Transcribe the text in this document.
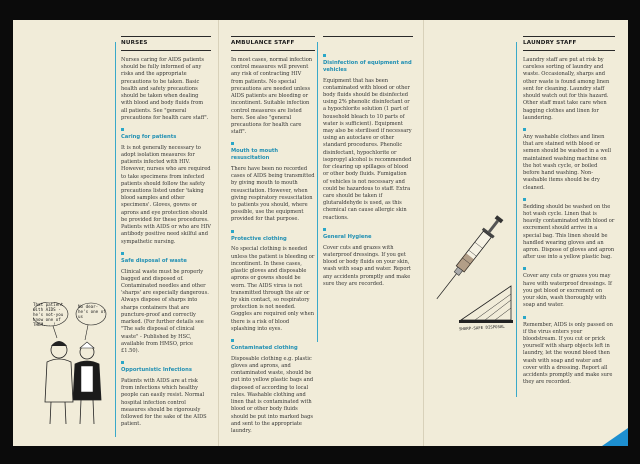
NURSES

Nurses caring for AIDS patients should be fully informed of any risks and the appropriate precautions to be taken. Basic health and safety precautions should be taken when dealing with blood and body fluids from all patients. See "general precautions for health care staff".

Caring for patients

It is not generally necessary to adopt isolation measures for patients infected with HIV. However, nurses who are required to take specimens from infected patients should follow the safety precautions listed under 'taking blood samples and other specimens'. Gloves, gowns or aprons and eye protection should be provided for these procedures. Patients with AIDS or who are HIV antibody positive need skilful and sympathetic nursing.

Safe disposal of waste

Clinical waste must be properly bagged and disposed of. Contaminated needles and other 'sharps' are especially dangerous. Always dispose of sharps into sharps containers that are puncture-proof and correctly marked. (For further details see "The safe disposal of clinical waste" - Published by HSC, available from HMSO, price £1.50).

Opportunistic Infections

Patients with AIDS are at risk from infections which healthy people can easily resist. Normal hospital infection control measures should be rigorously followed for the sake of the AIDS patient.

That patient
with AIDS -
he's not-you
know one of
THEM... !
No dear-
he's one of
us
AMBULANCE STAFF

In most cases, normal infection control measures will prevent any risk of contracting HIV from patients. No special precautions are needed unless AIDS patients are bleeding or incontinent. Suitable infection control measures are listed here. See also "general precautions for health care staff".

Mouth to mouth resuscitation

There have been no recorded cases of AIDS being transmitted by giving mouth to mouth resuscitation. However, when giving respiratory resuscitation to patients you should, where possible, use the equipment provided for that purpose.

Protective clothing

No special clothing is needed unless the patient is bleeding or incontinent. In these cases, plastic gloves and disposable aprons or gowns should be worn. The AIDS virus is not transmitted through the air or by skin contact, so respiratory protection is not needed. Goggles are required only when there is a risk of blood splashing into eyes.

Contaminated clothing

Disposable clothing e.g. plastic gloves and aprons, and contaminated waste, should be put into yellow plastic bags and disposed of according to local rules. Washable clothing and linen that is contaminated with blood or other body fluids should be put into marked bags and sent to the appropriate laundry.

Disinfection of equipment and vehicles

Equipment that has been contaminated with blood or other body fluids should be disinfected using 2% phenolic disinfectant or a hypochlorite solution (1 part of household bleach to 10 parts of water is sufficient). Equipment may also be sterilised if necessary using an autoclave or other standard procedures. Phenolic disinfectant, hypochlorite or isopropyl alcohol is recommended for clearing up spillages of blood or other body fluids. Fumigation of vehicles is not necessary and could be hazardous to staff. Extra care should be taken if glutaraldehyde is used, as this chemical can cause allergic skin reactions.

General Hygiene

Cover cuts and grazes with waterproof dressings. If you get blood or body fluids on your skin, wash with soap and water. Report any accidents promptly and make sure they are recorded.

SHARP-SAFE DISPOSAL
LAUNDRY STAFF

Laundry staff are put at risk by careless sorting of laundry and waste. Occasionally, sharps and other waste is found among linen sent for cleaning. Laundry staff should watch out for this hazard. Other staff must take care when bagging clothes and linen for laundering.

Any washable clothes and linen that are stained with blood or semen should be washed in a well maintained washing machine on the hot wash cycle, or boiled before hand washing. Non-washable items should be dry cleaned.

Bedding should be washed on the hot wash cycle. Linen that is heavily contaminated with blood or excrement should arrive in a special bag. This linen should be handled wearing gloves and an apron. Dispose of gloves and apron after use into a yellow plastic bag.

Cover any cuts or grazes you may have with waterproof dressings. If you get blood or excrement on your skin, wash thoroughly with soap and water.

Remember, AIDS is only passed on if the virus enters your bloodstream. If you cut or prick yourself with sharp objects left in laundry, let the wound bleed then wash with soap and water and cover with a dressing. Report all accidents promptly and make sure they are recorded.
